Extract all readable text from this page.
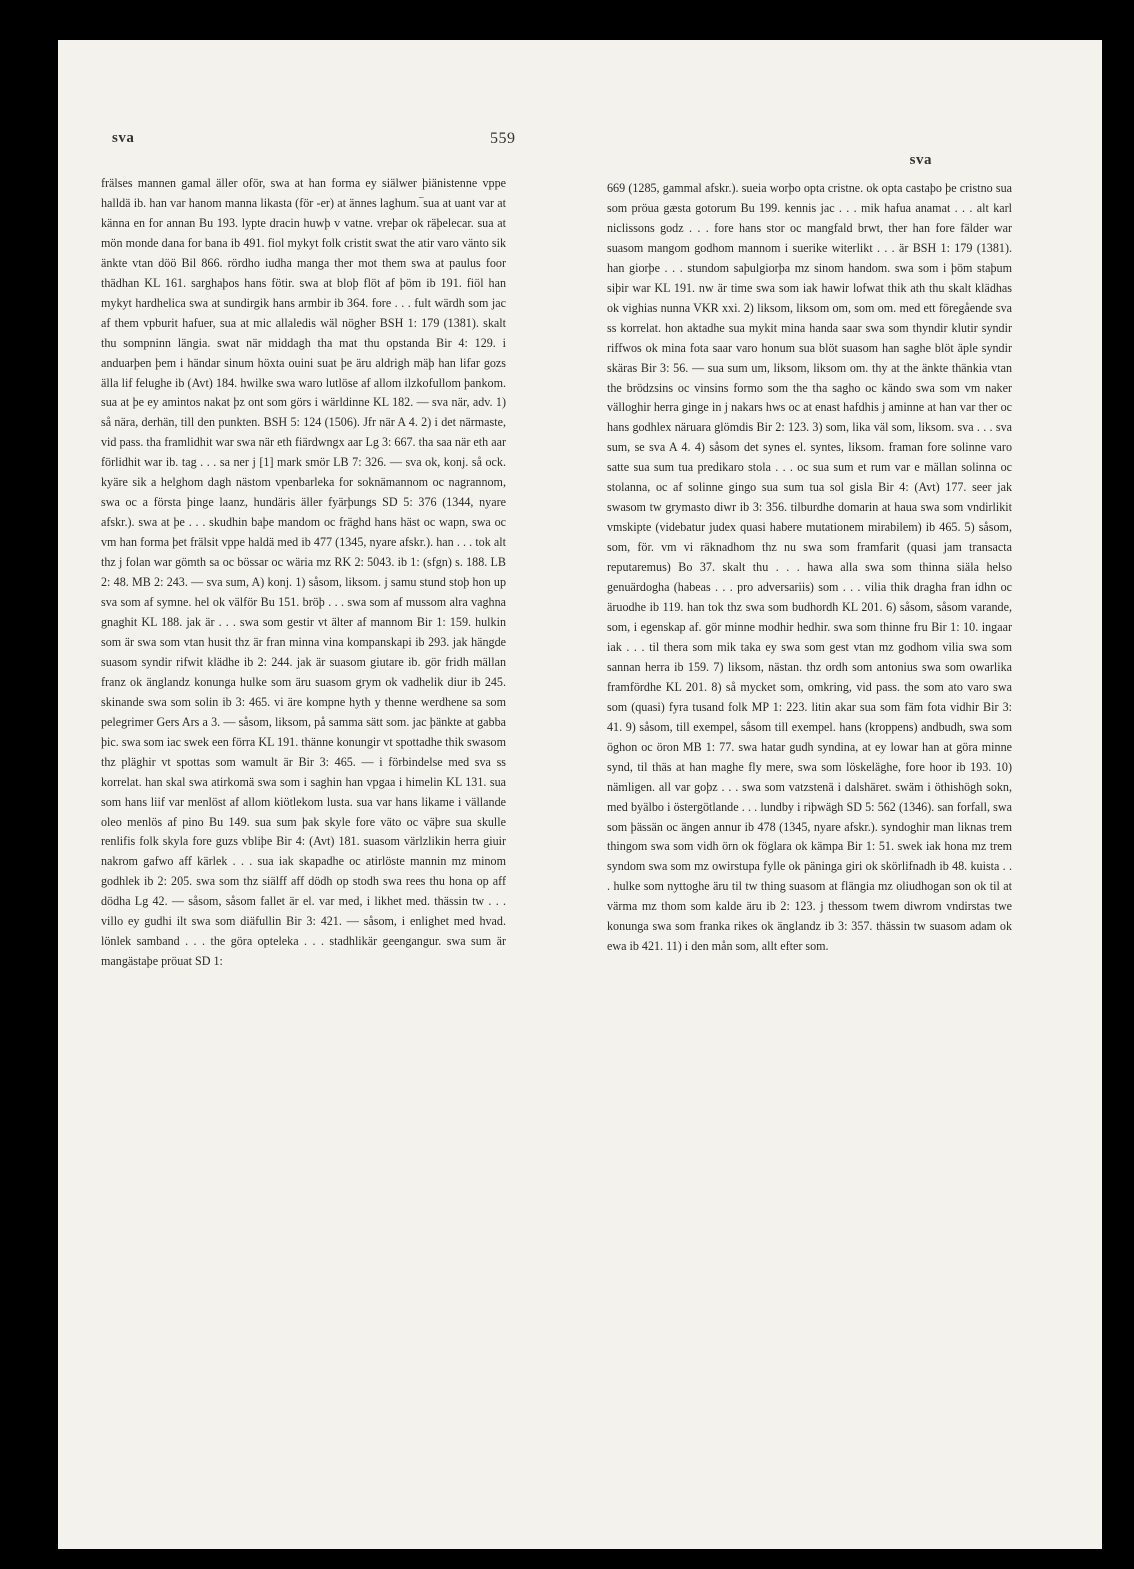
sva	559
sva

frälses mannen gamal äller oför, swa at han forma ey siälwer þiänistenne vppe halldä ib. han var hanom manna likasta (för -er) at ännes laghum.‾sua at uant var at känna en for annan Bu 193. lypte dracin huwþ v vatne. vreþar ok räþelecar. sua at mön monde dana for bana ib 491. fiol mykyt folk cristit swat the atir varo vänto sik änkte vtan döö Bil 866. rördho iudha manga ther mot them swa at paulus foor thädhan KL 161. sarghaþos hans fötir. swa at bloþ flöt af þöm ib 191. fiöl han mykyt hardhelica swa at sundirgik hans armbir ib 364. fore . . . fult wärdh som jac af them vpburit hafuer, sua at mic allaledis wäl nögher BSH 1: 179 (1381). skalt thu sompninn längia. swat när middagh tha mat thu opstanda Bir 4: 129. i anduarþen þem i händar sinum höxta ouini suat þe äru aldrigh mäþ han lifar gozs älla lif felughe ib (Avt) 184. hwilke swa waro lutlöse af allom ilzkofullom þankom. sua at þe ey amintos nakat þz ont som görs i wärldinne KL 182. — sva när, adv. 1) så nära, derhän, till den punkten. BSH 5: 124 (1506). Jfr när A 4. 2) i det närmaste, vid pass. tha framlidhit war swa när eth fiärdwngx aar Lg 3: 667. tha saa när eth aar förlidhit war ib. tag . . . sa ner j [1] mark smör LB 7: 326. — sva ok, konj. så ock. kyäre sik a helghom dagh nästom vpenbarleka for soknämannom oc nagrannom, swa oc a första þinge laanz, hundäris äller fyärþungs SD 5: 376 (1344, nyare afskr.). swa at þe . . . skudhin baþe mandom oc fräghd hans häst oc wapn, swa oc vm han forma þet frälsit vppe haldä med ib 477 (1345, nyare afskr.). han . . . tok alt thz j folan war gömth sa oc bössar oc wäria mz RK 2: 5043. ib 1: (sfgn) s. 188. LB 2: 48. MB 2: 243. — sva sum, A) konj. 1) såsom, liksom. j samu stund stoþ hon up sva som af symne. hel ok välför Bu 151. bröþ . . . swa som af mussom alra vaghna gnaghit KL 188. jak är . . . swa som gestir vt älter af mannom Bir 1: 159. hulkin som är swa som vtan husit thz är fran minna vina kompanskapi ib 293. jak hängde suasom syndir rifwit klädhe ib 2: 244. jak är suasom giutare ib. gör fridh mällan franz ok änglandz konunga hulke som äru suasom grym ok vadhelik diur ib 245. skinande swa som solin ib 3: 465. vi äre kompne hyth y thenne werdhene sa som pelegrimer Gers Ars a 3. — såsom, liksom, på samma sätt som. jac þänkte at gabba þic. swa som iac swek een förra KL 191. thänne konungir vt spottadhe thik swasom thz pläghir vt spottas som wamult är Bir 3: 465. — i förbindelse med sva ss korrelat. han skal swa atirkomä swa som i saghin han vpgaa i himelin KL 131. sua som hans liif var menlöst af allom kiötlekom lusta. sua var hans likame i vällande oleo menlös af pino Bu 149. sua sum þak skyle fore väto oc väþre sua skulle renlifis folk skyla fore guzs vbliþe Bir 4: (Avt) 181. suasom värlzlikin herra giuir nakrom gafwo aff kärlek . . . sua iak skapadhe oc atirlöste mannin mz minom godhlek ib 2: 205. swa som thz siälff aff dödh op stodh swa rees thu hona op aff dödha Lg 42. — såsom, såsom fallet är el. var med, i likhet med. thässin tw . . . villo ey gudhi ilt swa som diäfullin Bir 3: 421. — såsom, i enlighet med hvad. lönlek samband . . . the göra opteleka . . . stadhlikär geengangur. swa sum är mangästaþe pröuat SD 1:

669 (1285, gammal afskr.). sueia worþo opta cristne. ok opta castaþo þe cristno sua som pröua gæsta gotorum Bu 199. kennis jac . . . mik hafua anamat . . . alt karl niclissons godz . . . fore hans stor oc mangfald brwt, ther han fore fälder war suasom mangom godhom mannom i suerike witerlikt . . . är BSH 1: 179 (1381). han giorþe . . . stundom saþulgiorþa mz sinom handom. swa som i þöm staþum siþir war KL 191. nw är time swa som iak hawir lofwat thik ath thu skalt klädhas ok vighias nunna VKR xxi. 2) liksom, liksom om, som om. med ett föregående sva ss korrelat. hon aktadhe sua mykit mina handa saar swa som thyndir klutir syndir riffwos ok mina fota saar varo honum sua blöt suasom han saghe blöt äple syndir skäras Bir 3: 56. — sua sum um, liksom, liksom om. thy at the änkte thänkia vtan the brödzsins oc vinsins formo som the tha sagho oc kändo swa som vm naker välloghir herra ginge in j nakars hws oc at enast hafdhis j aminne at han var ther oc hans godhlex näruara glömdis Bir 2: 123. 3) som, lika väl som, liksom. sva . . . sva sum, se sva A 4. 4) såsom det synes el. syntes, liksom. framan fore solinne varo satte sua sum tua predikaro stola . . . oc sua sum et rum var e mällan solinna oc stolanna, oc af solinne gingo sua sum tua sol gisla Bir 4: (Avt) 177. seer jak swasom tw grymasto diwr ib 3: 356. tilburdhe domarin at haua swa som vndirlikit vmskipte (videbatur judex quasi habere mutationem mirabilem) ib 465. 5) såsom, som, för. vm vi räknadhom thz nu swa som framfarit (quasi jam transacta reputaremus) Bo 37. skalt thu . . . hawa alla swa som thinna siäla helso genuärdogha (habeas . . . pro adversariis) som . . . vilia thik dragha fran idhn oc äruodhe ib 119. han tok thz swa som budhordh KL 201. 6) såsom, såsom varande, som, i egenskap af. gör minne modhir hedhir. swa som thinne fru Bir 1: 10. ingaar iak . . . til thera som mik taka ey swa som gest vtan mz godhom vilia swa som sannan herra ib 159. 7) liksom, nästan. thz ordh som antonius swa som owarlika framfördhe KL 201. 8) så mycket som, omkring, vid pass. the som ato varo swa som (quasi) fyra tusand folk MP 1: 223. litin akar sua som fäm fota vidhir Bir 3: 41. 9) såsom, till exempel, såsom till exempel. hans (kroppens) andbudh, swa som öghon oc öron MB 1: 77. swa hatar gudh syndina, at ey lowar han at göra minne synd, til thäs at han maghe fly mere, swa som löskeläghe, fore hoor ib 193. 10) nämligen. all var goþz . . . swa som vatzstenä i dalshäret. swäm i öthishögh sokn, med byälbo i östergötlande . . . lundby i riþwägh SD 5: 562 (1346). san forfall, swa som þässän oc ängen annur ib 478 (1345, nyare afskr.). syndoghir man liknas trem thingom swa som vidh örn ok föglara ok kämpa Bir 1: 51. swek iak hona mz trem syndom swa som mz owirstupa fylle ok päninga giri ok skörlifnadh ib 48. kuista . . . hulke som nyttoghe äru til tw thing suasom at flängia mz oliudhogan son ok til at värma mz thom som kalde äru ib 2: 123. j thessom twem diwrom vndirstas twe konunga swa som franka rikes ok änglandz ib 3: 357. thässin tw suasom adam ok ewa ib 421. 11) i den mån som, allt efter som.
